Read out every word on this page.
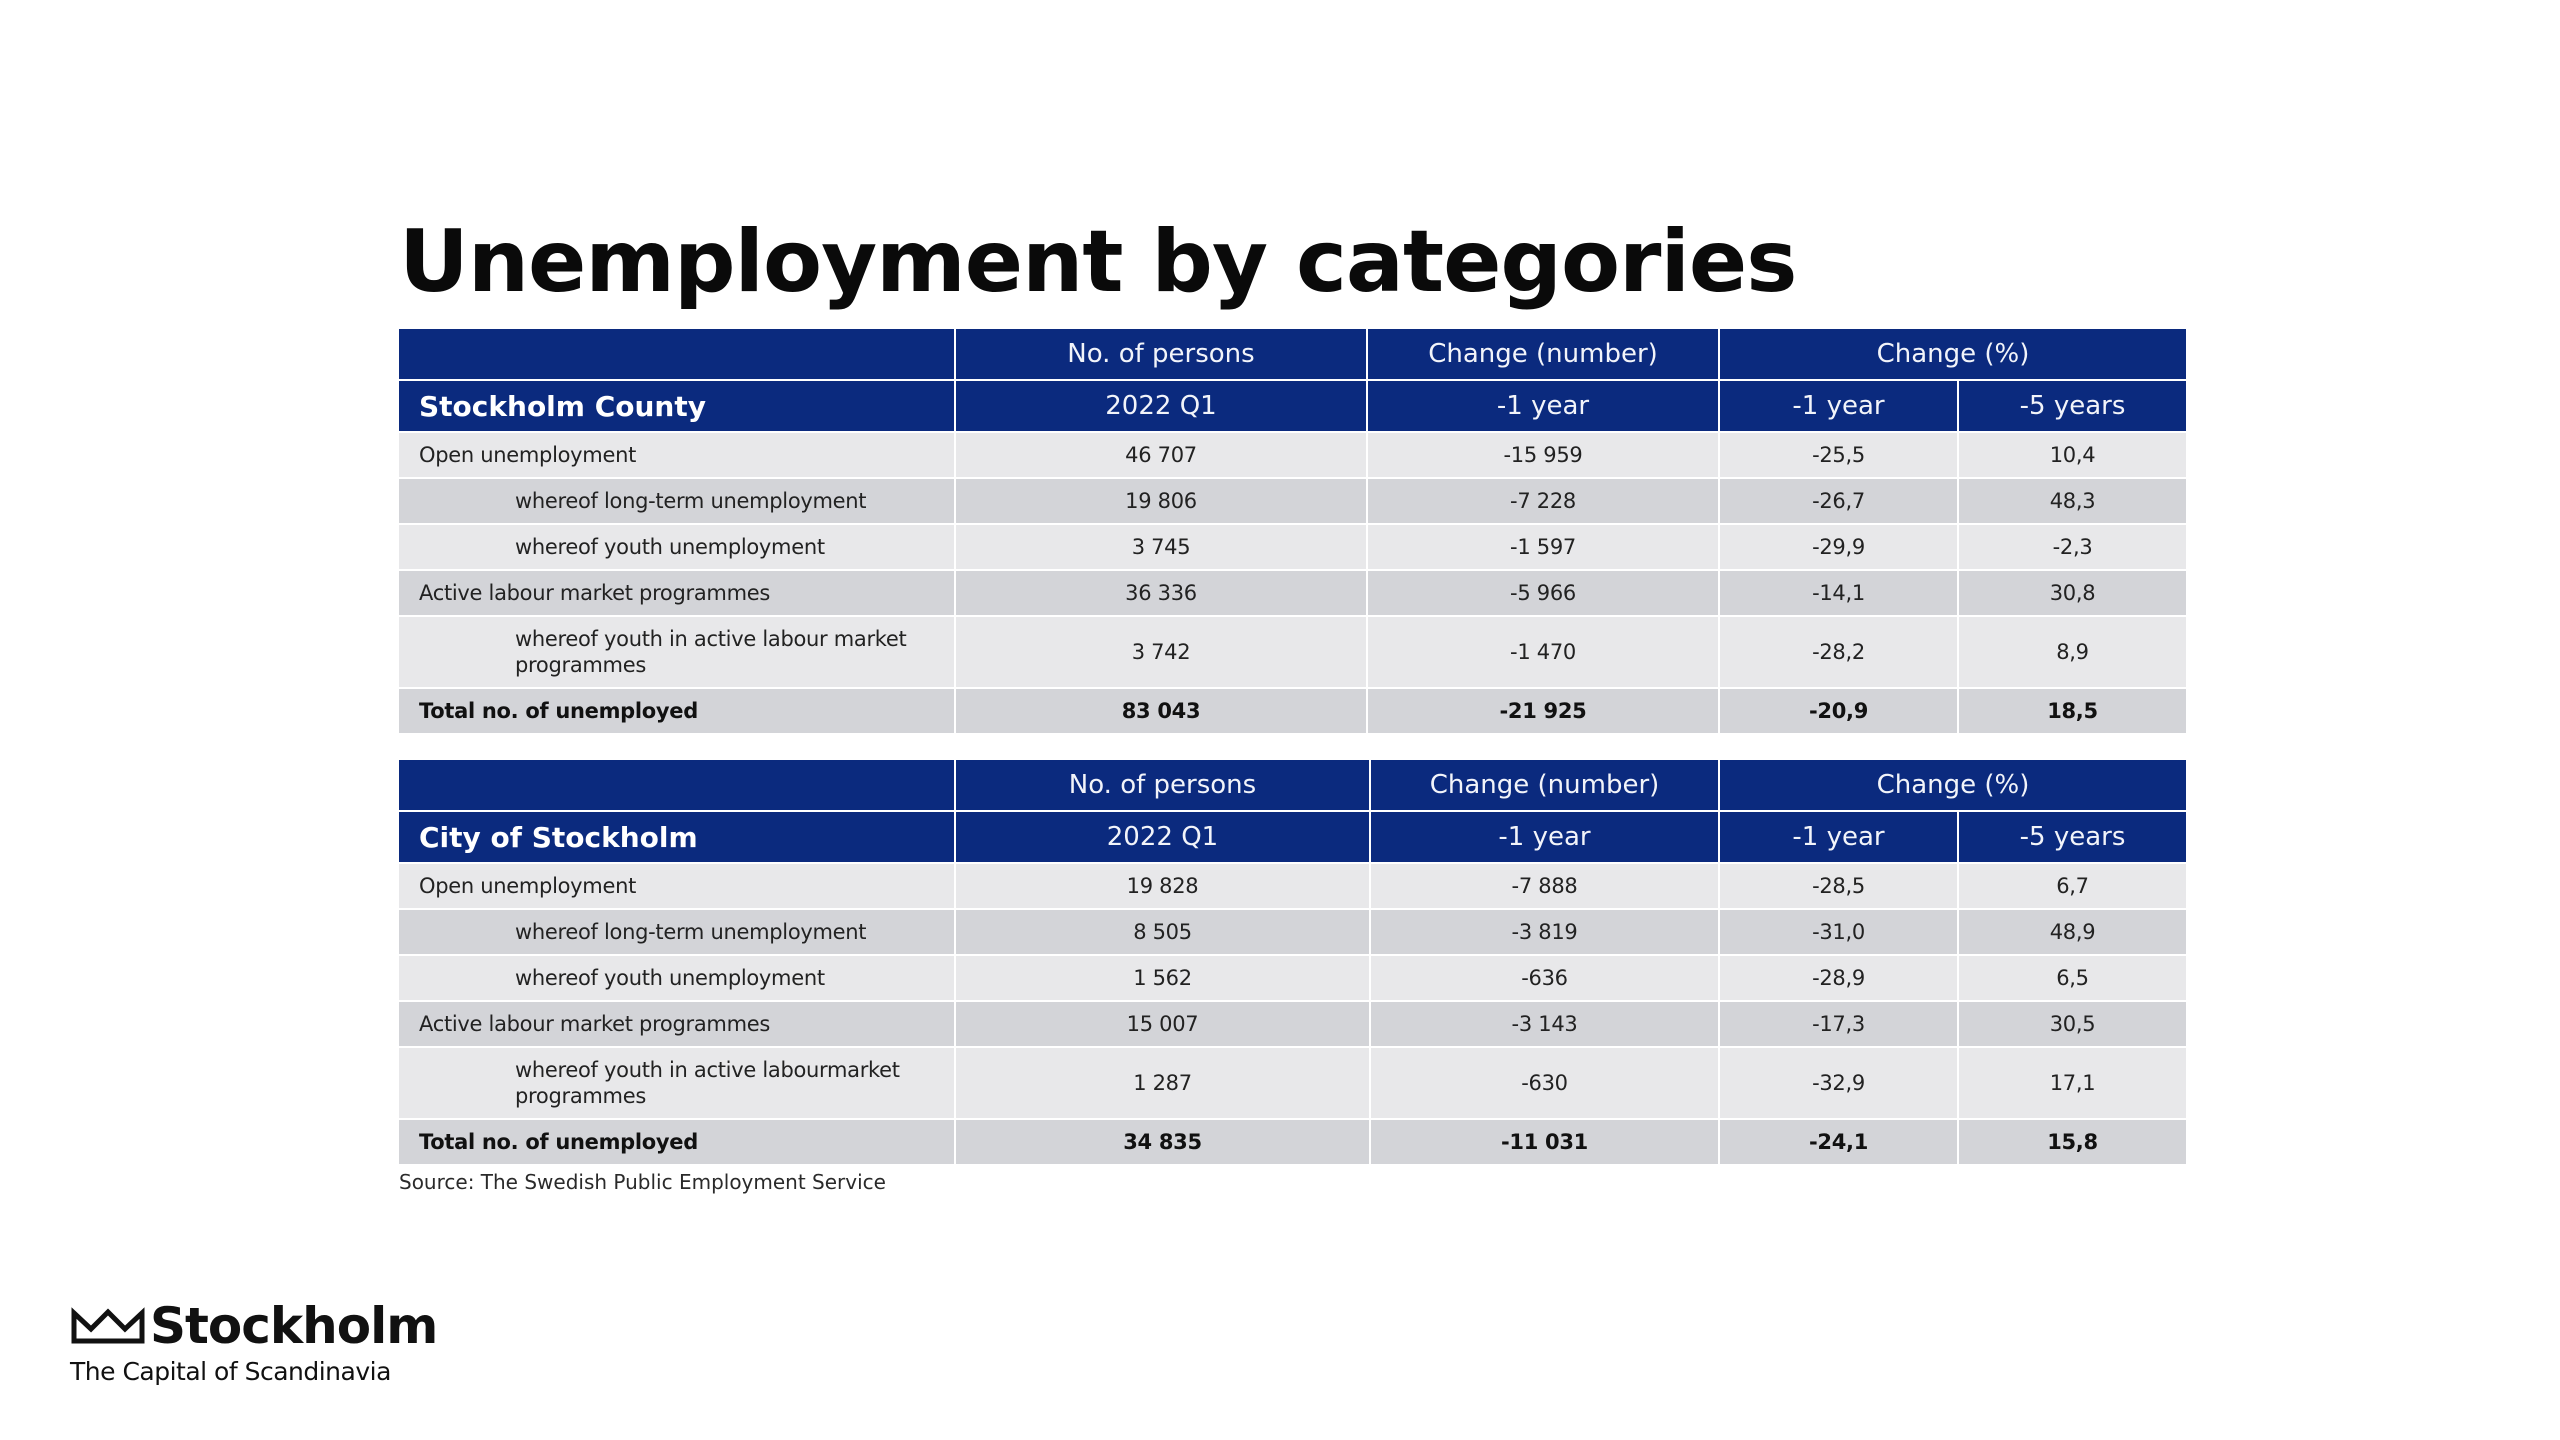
Unemployment by categories
	No. of persons	Change (number)	Change (%)	
Stockholm County	2022 Q1	-1 year	-1 year	-5 years
Open unemployment	46 707	-15 959	-25,5	10,4
whereof long-term unemployment	19 806	-7 228	-26,7	48,3
whereof youth unemployment	3 745	-1 597	-29,9	-2,3
Active labour market programmes	36 336	-5 966	-14,1	30,8
whereof youth in active labour market programmes	3 742	-1 470	-28,2	8,9
Total no. of unemployed	83 043	-21 925	-20,9	18,5
	No. of persons	Change (number)	Change (%)	
City of Stockholm	2022 Q1	-1 year	-1 year	-5 years
Open unemployment	19 828	-7 888	-28,5	6,7
whereof long-term unemployment	8 505	-3 819	-31,0	48,9
whereof youth unemployment	1 562	-636	-28,9	6,5
Active labour market programmes	15 007	-3 143	-17,3	30,5
whereof youth in active labourmarket programmes	1 287	-630	-32,9	17,1
Total no. of unemployed	34 835	-11 031	-24,1	15,8
Source: The Swedish Public Employment Service
Stockholm
The Capital of Scandinavia
